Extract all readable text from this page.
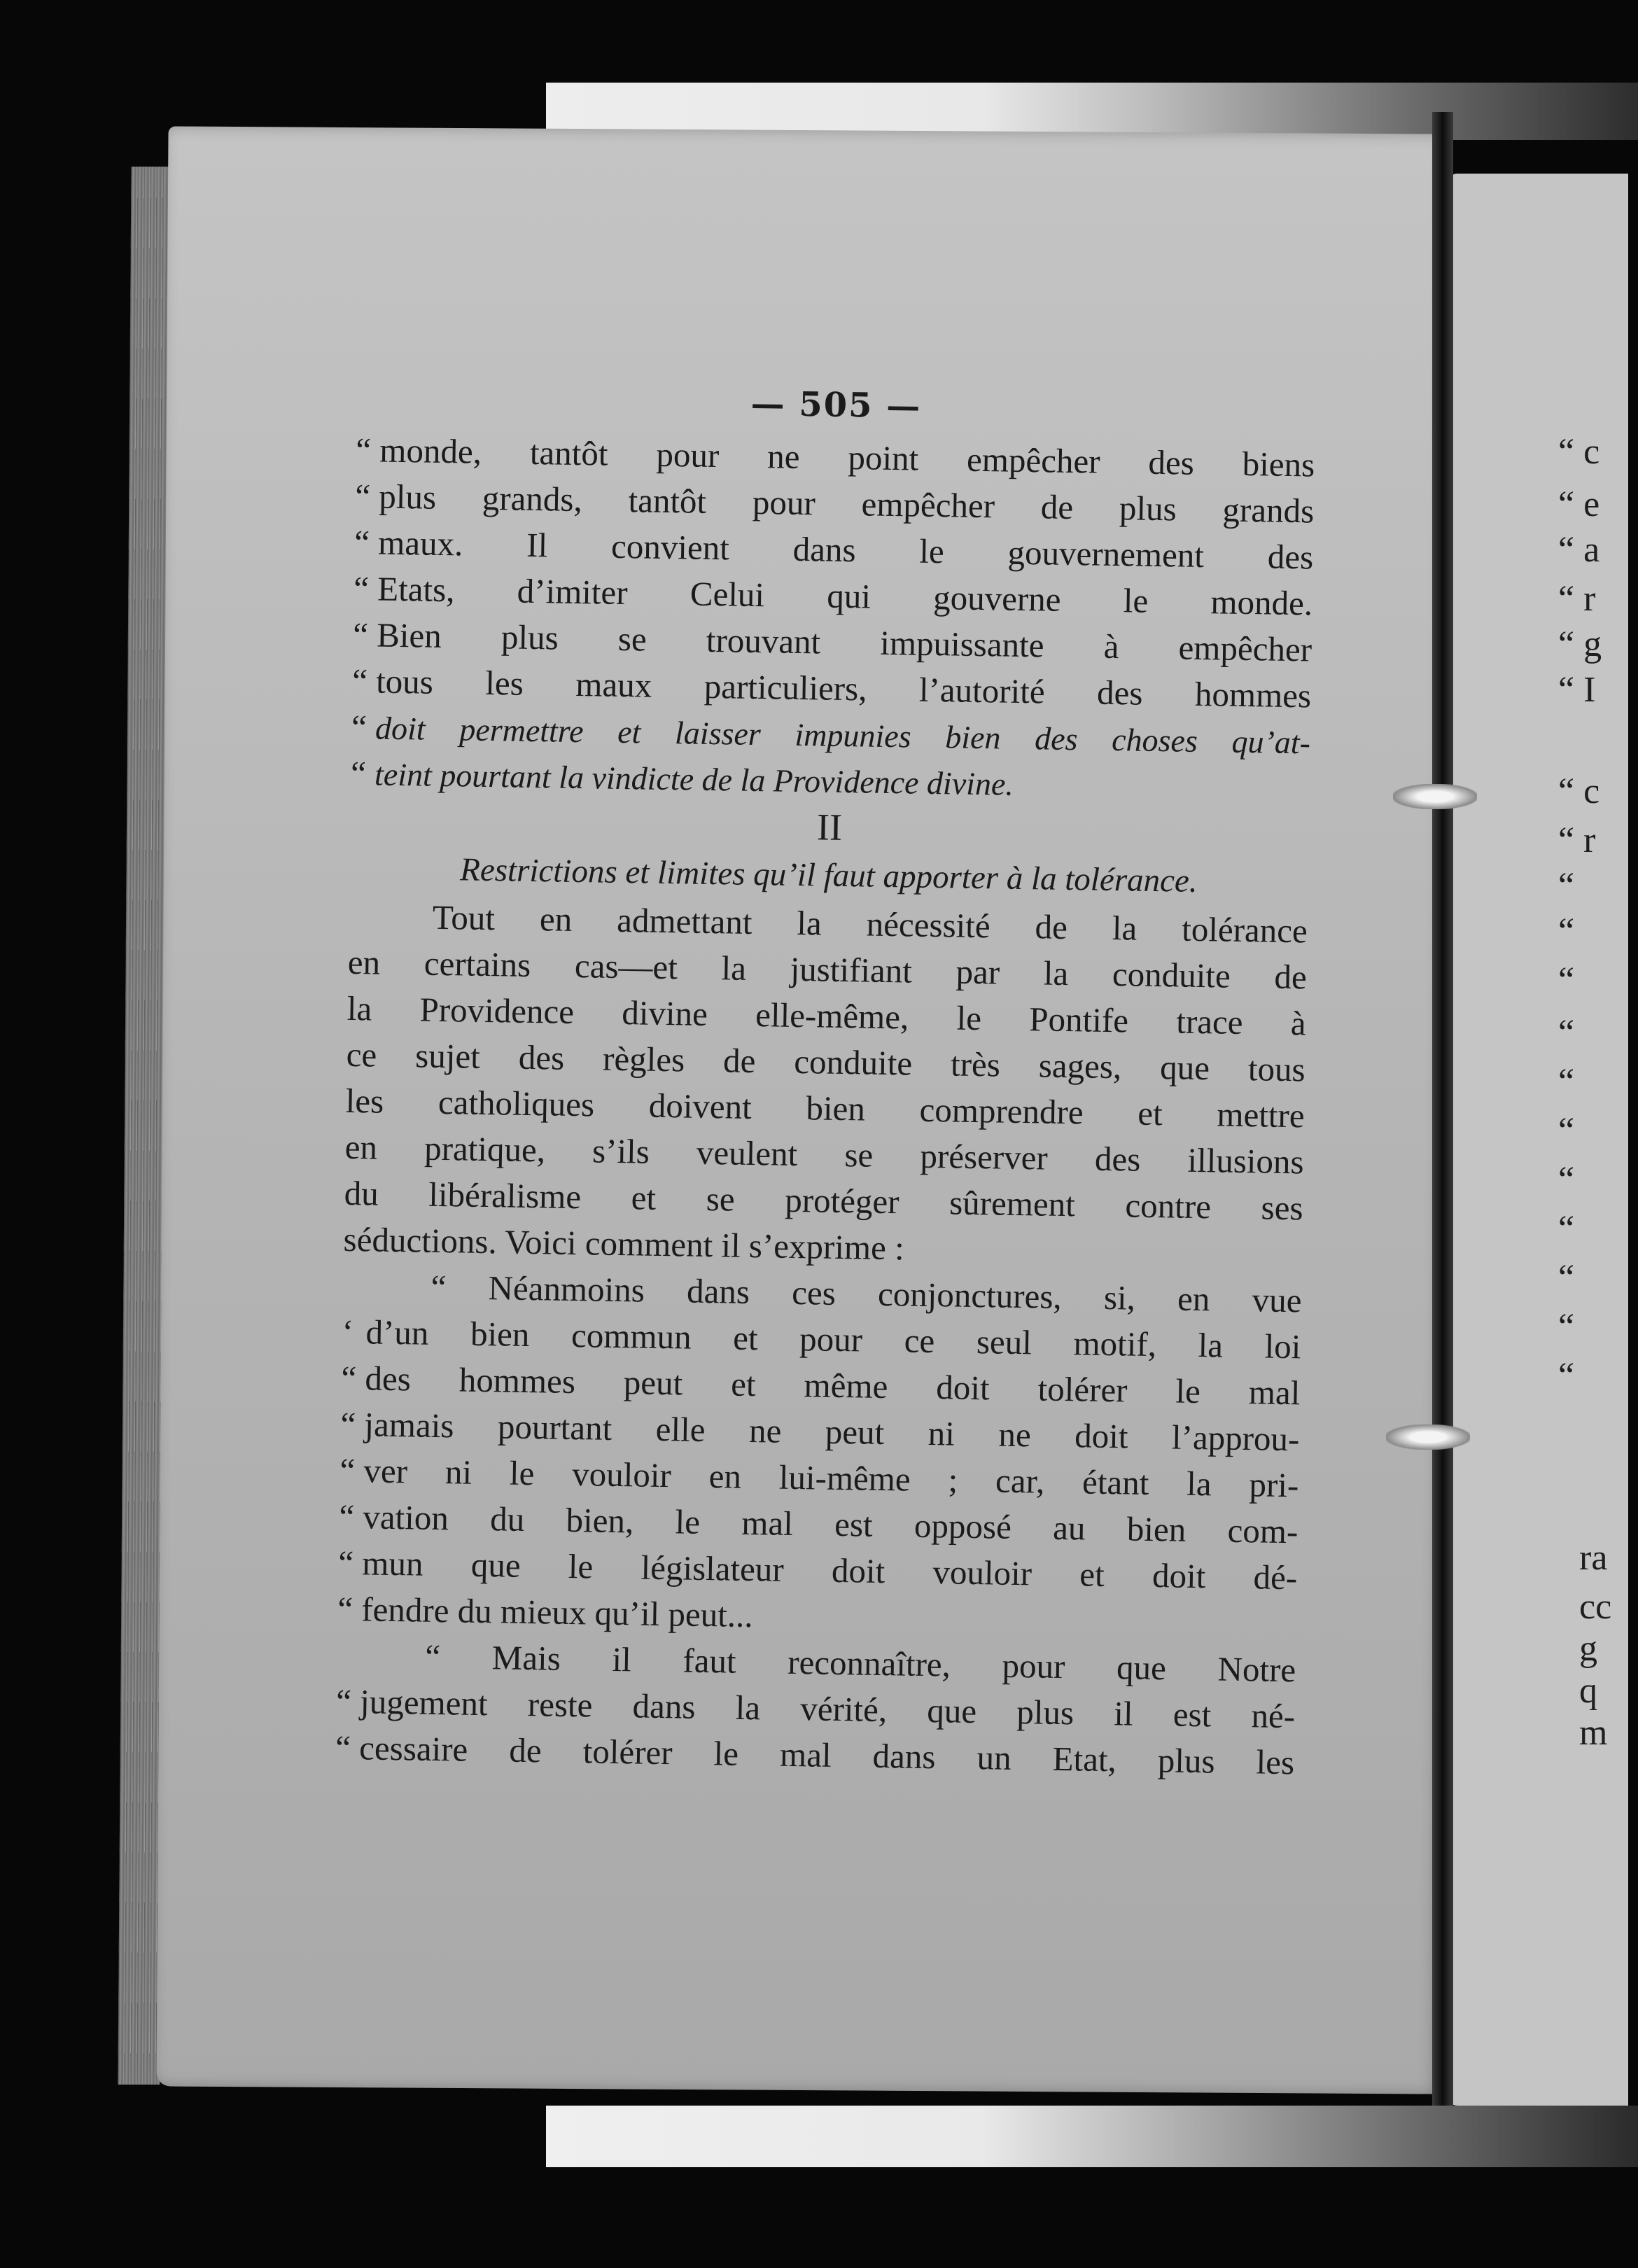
“ c
“ e
“ a
“ r
“ g
“ I
“ c
“ r
“
“
“
“
“
“
“
“
“
“
“
ra
cc
g
q
m
— 505 —
“ monde, tantôt pour ne point empêcher des biens
“ plus grands, tantôt pour empêcher de plus grands
“ maux. Il convient dans le gouvernement des
“ Etats, d’imiter Celui qui gouverne le monde.
“ Bien plus se trouvant impuissante à empêcher
“ tous les maux particuliers, l’autorité des hommes
“ doit permettre et laisser impunies bien des choses qu’at-
“ teint pourtant la vindicte de la Providence divine.
II
Restrictions et limites qu’il faut apporter à la tolérance.
Tout en admettant la nécessité de la tolérance
en certains cas—et la justifiant par la conduite de
la Providence divine elle-même, le Pontife trace à
ce sujet des règles de conduite très sages, que tous
les catholiques doivent bien comprendre et mettre
en pratique, s’ils veulent se préserver des illusions
du libéralisme et se protéger sûrement contre ses
séductions. Voici comment il s’exprime :
“ Néanmoins dans ces conjonctures, si, en vue
‘ d’un bien commun et pour ce seul motif, la loi
“ des hommes peut et même doit tolérer le mal
“ jamais pourtant elle ne peut ni ne doit l’approu-
“ ver ni le vouloir en lui-même ; car, étant la pri-
“ vation du bien, le mal est opposé au bien com-
“ mun que le législateur doit vouloir et doit dé-
“ fendre du mieux qu’il peut...
“ Mais il faut reconnaître, pour que Notre
“ jugement reste dans la vérité, que plus il est né-
“ cessaire de tolérer le mal dans un Etat, plus les
